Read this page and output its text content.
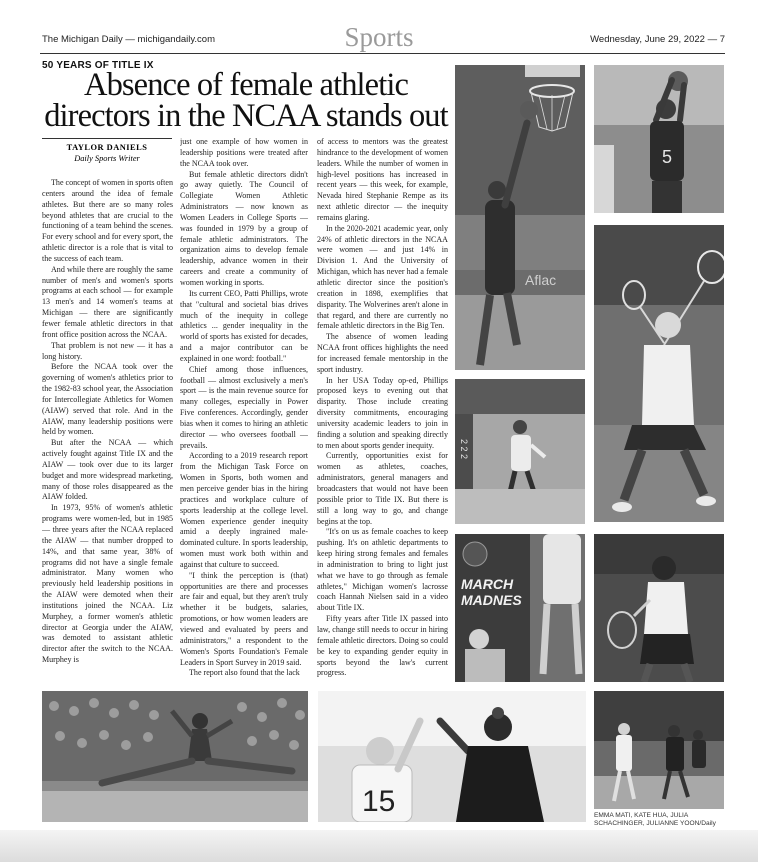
The Michigan Daily — michigandaily.com	Sports	Wednesday, June 29, 2022 — 7
50 YEARS OF TITLE IX
Absence of female athletic directors in the NCAA stands out
TAYLOR DANIELS
Daily Sports Writer

The concept of women in sports often centers around the idea of female athletes. But there are so many roles beyond athletes that are crucial to the functioning of a team behind the scenes. For every school and for every sport, the athletic director is a role that is vital to the success of each team.

And while there are roughly the same number of men's and women's sports programs at each school — for example 13 men's and 14 women's teams at Michigan — there are significantly fewer female athletic directors in that front office position across the NCAA.

That problem is not new — it has a long history.

Before the NCAA took over the governing of women's athletics prior to the 1982-83 school year, the Association for Intercollegiate Athletics for Women (AIAW) served that role. And in the AIAW, many leadership positions were held by women.

But after the NCAA — which actively fought against Title IX and the AIAW — took over due to its larger budget and more widespread marketing, many of those roles disappeared as the AIAW folded.

In 1973, 95% of women's athletic programs were women-led, but in 1985 — three years after the NCAA replaced the AIAW — that number dropped to 14%, and that same year, 38% of programs did not have a single female administrator. Many women who previously held leadership positions in the AIAW were demoted when their institutions joined the NCAA. Liz Murphey, a former women's athletic director at Georgia under the AIAW, was demoted to assistant athletic director after the switch to the NCAA. Murphey is

just one example of how women in leadership positions were treated after the NCAA took over.

But female athletic directors didn't go away quietly. The Council of Collegiate Women Athletic Administrators — now known as Women Leaders in College Sports — was founded in 1979 by a group of female athletic administrators. The organization aims to develop female leadership, advance women in their careers and create a community of women working in sports.

Its current CEO, Patti Phillips, wrote that "cultural and societal bias drives much of the inequity in college athletics ... gender inequality in the world of sports has existed for decades, and a major contributor can be explained in one word: football."

Chief among those influences, football — almost exclusively a men's sport — is the main revenue source for many colleges, especially in Power Five conferences. Accordingly, gender bias when it comes to hiring an athletic director — who oversees football — prevails.

According to a 2019 research report from the Michigan Task Force on Women in Sports, both women and men perceive gender bias in the hiring practices and workplace culture of sports leadership at the college level. Women experience gender inequity amid a deeply ingrained male-dominated culture. In sports leadership, women must work both within and against that culture to succeed.

"I think the perception is (that) opportunities are there and processes are fair and equal, but they aren't truly whether it be budgets, salaries, promotions, or how women leaders are viewed and evaluated by peers and administrators," a respondent to the Women's Sports Foundation's Female Leaders in Sport Survey in 2019 said.

The report also found that the lack

of access to mentors was the greatest hindrance to the development of women leaders. While the number of women in high-level positions has increased in recent years — this week, for example, Nevada hired Stephanie Rempe as its next athletic director — the inequity remains glaring.

In the 2020-2021 academic year, only 24% of athletic directors in the NCAA were women — and just 14% in Division 1. And the University of Michigan, which has never had a female athletic director since the position's creation in 1898, exemplifies that disparity. The Wolverines aren't alone in that regard, and there are currently no female athletic directors in the Big Ten.

The absence of women leading NCAA front offices highlights the need for increased female mentorship in the sport industry.

In her USA Today op-ed, Phillips proposed keys to evening out that disparity. Those include creating diversity commitments, encouraging university academic leaders to join in finding a solution and speaking directly to men about sports gender inequity.

Currently, opportunities exist for women as athletes, coaches, administrators, general managers and broadcasters that would not have been possible prior to Title IX. But there is still a long way to go, and change begins at the top.

"It's on us as female coaches to keep pushing. It's on athletic departments to keep hiring strong females and females in administration to bring to light just what we have to go through as female athletes," Michigan women's lacrosse coach Hannah Nielsen said in a video about Title IX.

Fifty years after Title IX passed into law, change still needs to occur in hiring female athletic directors. Doing so could be key to expanding gender equity in sports beyond the law's current progress.

Aflac
5
2 2 2
MARCH
MADNES
15	EMMA MATI, KATE HUA, JULIA SCHACHINGER, JULIANNE YOON/Daily
